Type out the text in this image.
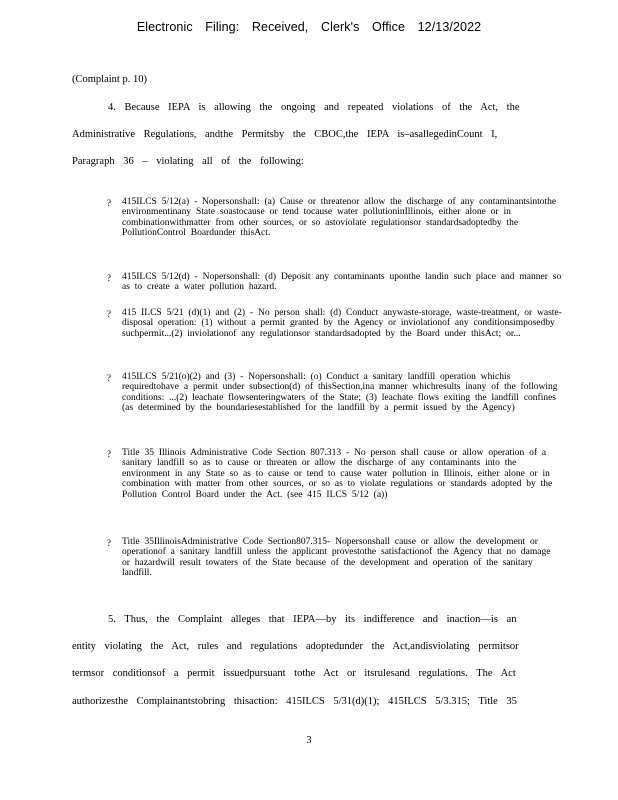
Electronic Filing: Received, Clerk's Office 12/13/2022
(Complaint p. 10)
4. Because IEPA is allowing the ongoing and repeated violations of the Act, the
Administrative Regulations, andthe Permitsby the CBOC,the IEPA is–asallegedinCount I,
Paragraph 36 – violating all of the following:
? 415ILCS 5/12(a) - Nopersonshall: (a) Cause or threatenor allow the discharge of any contaminantsintothe environmentinany State soastocause or tend tocause water pollutioninIllinois, either alone or in combinationwithmatter from other sources, or so astoviolate regulationsor standardsadoptedby the PollutionControl Boardunder thisAct.
? 415ILCS 5/12(d) - Nopersonshall: (d) Deposit any contaminants uponthe landin such place and manner so as to create a water pollution hazard.
? 415 ILCS 5/21 (d)(1) and (2) - No person shall: (d) Conduct anywaste-storage, waste-treatment, or waste-disposal operation: (1) without a permit granted by the Agency or inviolationof any conditionsimposedby suchpermit...(2) inviolationof any regulationsor standardsadopted by the Board under thisAct; or...
? 415ILCS 5/21(o)(2) and (3) - Nopersonshall: (o) Conduct a sanitary landfill operation whichis requiredtohave a permit under subsection(d) of thisSection,ina manner whichresults inany of the following conditions: ...(2) leachate flowsenteringwaters of the State; (3) leachate flows exiting the landfill confines (as determined by the boundariesestablished for the landfill by a permit issued by the Agency)
Title 35 Illinois Administrative Code Section 807.313 - No person shall cause or allow operation of a sanitary landfill so as to cause or threaten or allow the discharge of any contaminants into the environment in any State so as to cause or tend to cause water pollution in Illinois, either alone or in combination with matter from other sources, or so as to violate regulations or standards adopted by the Pollution Control Board under the Act. (see 415 ILCS 5/12 (a))
?
? Title 35IllinoisAdministrative Code Section807.315- Nopersonshall cause or allow the development or operationof a sanitary landfill unless the applicant provestothe satisfactionof the Agency that no damage or hazardwill result towaters of the State because of the development and operation of the sanitary landfill.
5. Thus, the Complaint alleges that IEPA—by its indifference and inaction—is an
entity violating the Act, rules and regulations adoptedunder the Act,andisviolating permitsor
termsor conditionsof a permit issuedpursuant tothe Act or itsrulesand regulations. The Act
authorizesthe Complainantstobring thisaction: 415ILCS 5/31(d)(1); 415ILCS 5/3.315; Title 35
3
